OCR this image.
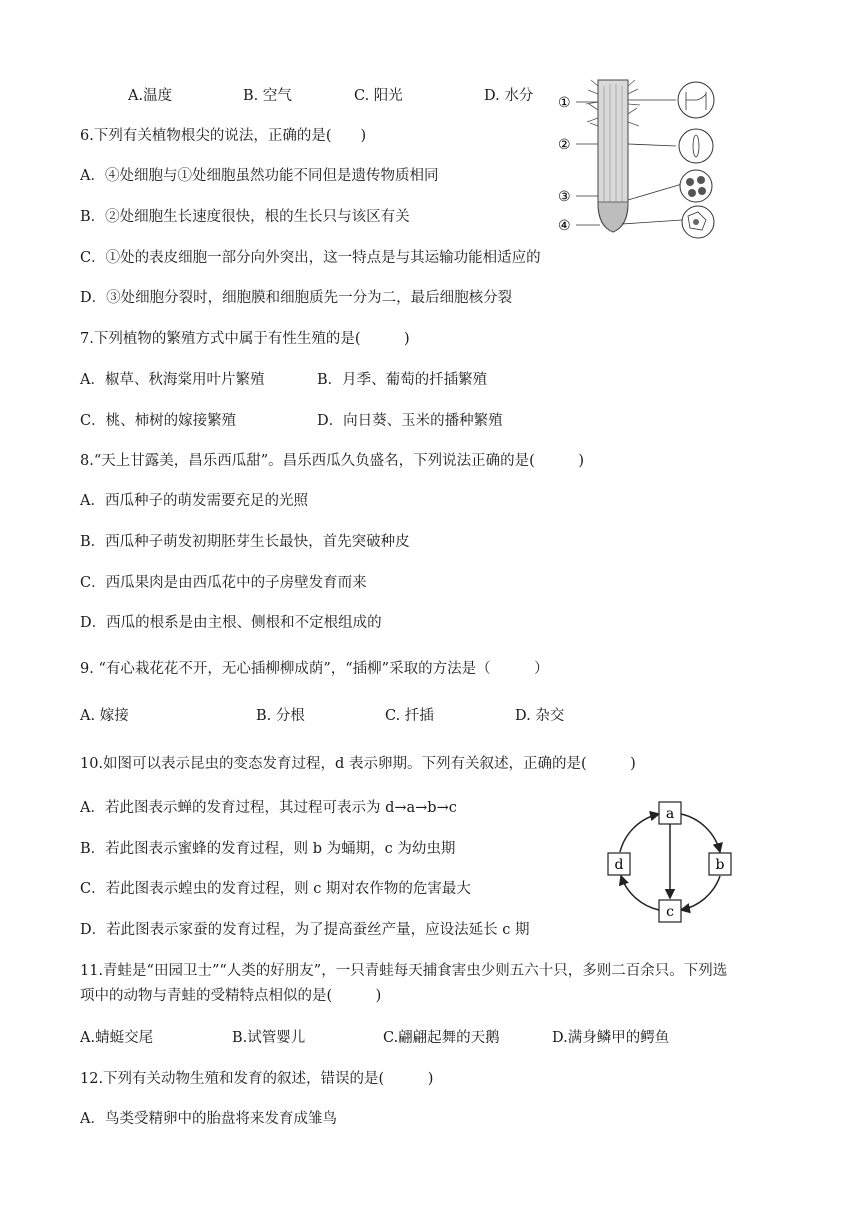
A.温度	B. 空气	C. 阳光	D. 水分
6.下列有关植物根尖的说法，正确的是(　　)
A．④处细胞与①处细胞虽然功能不同但是遗传物质相同
B．②处细胞生长速度很快，根的生长只与该区有关
C．①处的表皮细胞一部分向外突出，这一特点是与其运输功能相适应的
D．③处细胞分裂时，细胞膜和细胞质先一分为二，最后细胞核分裂
①
②
③
④
7.下列植物的繁殖方式中属于有性生殖的是(　　　)
A．椒草、秋海棠用叶片繁殖	B．月季、葡萄的扦插繁殖
C．桃、柿树的嫁接繁殖	D．向日葵、玉米的播种繁殖
8.“天上甘露美，昌乐西瓜甜”。昌乐西瓜久负盛名，下列说法正确的是(　　　)
A．西瓜种子的萌发需要充足的光照
B．西瓜种子萌发初期胚芽生长最快，首先突破种皮
C．西瓜果肉是由西瓜花中的子房壁发育而来
D．西瓜的根系是由主根、侧根和不定根组成的
9. “有心栽花花不开，无心插柳柳成荫”，“插柳”采取的方法是（　　　）
A. 嫁接	B. 分根	C. 扦插	D. 杂交
10.如图可以表示昆虫的变态发育过程，d 表示卵期。下列有关叙述，正确的是(　　　)
A．若此图表示蝉的发育过程，其过程可表示为 d→a→b→c
B．若此图表示蜜蜂的发育过程，则 b 为蛹期，c 为幼虫期
C．若此图表示蝗虫的发育过程，则 c 期对农作物的危害最大
D．若此图表示家蚕的发育过程，为了提高蚕丝产量，应设法延长 c 期
a
b
c
d
11.青蛙是“田园卫士”“人类的好朋友”，一只青蛙每天捕食害虫少则五六十只，多则二百余只。下列选
项中的动物与青蛙的受精特点相似的是(　　　)
A.蜻蜓交尾	B.试管婴儿	C.翩翩起舞的天鹅	D.满身鳞甲的鳄鱼
12.下列有关动物生殖和发育的叙述，错误的是(　　　)
A．鸟类受精卵中的胎盘将来发育成雏鸟
